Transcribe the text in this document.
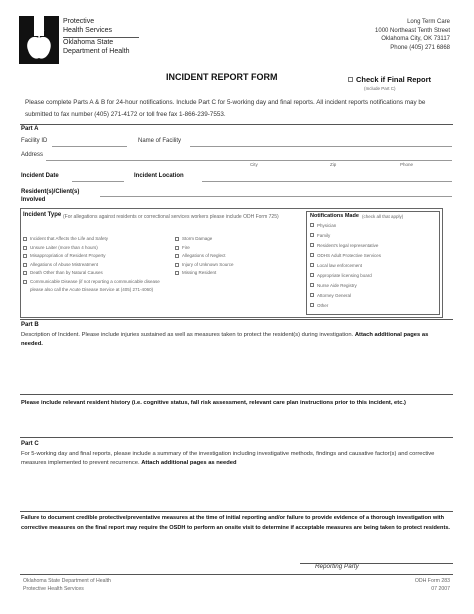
Protective
Health Services
Oklahoma State
Department of Health
Long Term Care
1000 Northeast Tenth Street
Oklahoma City, OK 73117
Phone (405) 271 6868
INCIDENT REPORT FORM	Check if Final Report
(Include Part C)
Please complete Parts A & B for 24-hour notifications. Include Part C for 5-working day and final reports. All incident reports notifications may be submitted to fax number (405) 271-4172 or toll free fax 1-866-239-7553.
Part A
Facility ID	Name of Facility
Address
City	Zip	Phone
Incident Date	Incident Location
Resident(s)/Client(s) Involved
Incident Type (For allegations against residents or correctional services workers please include ODH Form 725)
Incident that Affects the Life and Safety
Unsure Laiter (more than 4 hours)
Misappropriation of Resident Property
Allegations of Abuse Mistreatment
Death Other than by Natural Causes
Communicable Disease (if not reporting a communicable disease
please also call the Acute Disease Service at (405) 271-4060)
Storm Damage
Fire
Allegations of Neglect
Injury of Unknown Source
Missing Resident
Notifications Made (check all that apply)
Physician
Family
Resident's legal representative
ODHS Adult Protective Services
Local law enforcement
Appropriate licensing board
Nurse Aide Registry
Attorney General
Other
Part B
Description of Incident. Please include injuries sustained as well as measures taken to protect the resident(s) during investigation. Attach additional pages as needed.
Please include relevant resident history (i.e. cognitive status, fall risk assessment, relevant care plan instructions prior to this incident, etc.)
Part C
For 5-working day and final reports, please include a summary of the investigation including investigative methods, findings and causative factor(s) and corrective measures implemented to prevent recurrence. Attach additional pages as needed
Failure to document credible protective/preventative measures at the time of initial reporting and/or failure to provide evidence of a thorough investigation with corrective measures on the final report may require the OSDH to perform an onsite visit to determine if acceptable measures are being taken to protect residents.
Reporting Party
Oklahoma State Department of Health
Protective Health Services
ODH Form 283
07 2007
